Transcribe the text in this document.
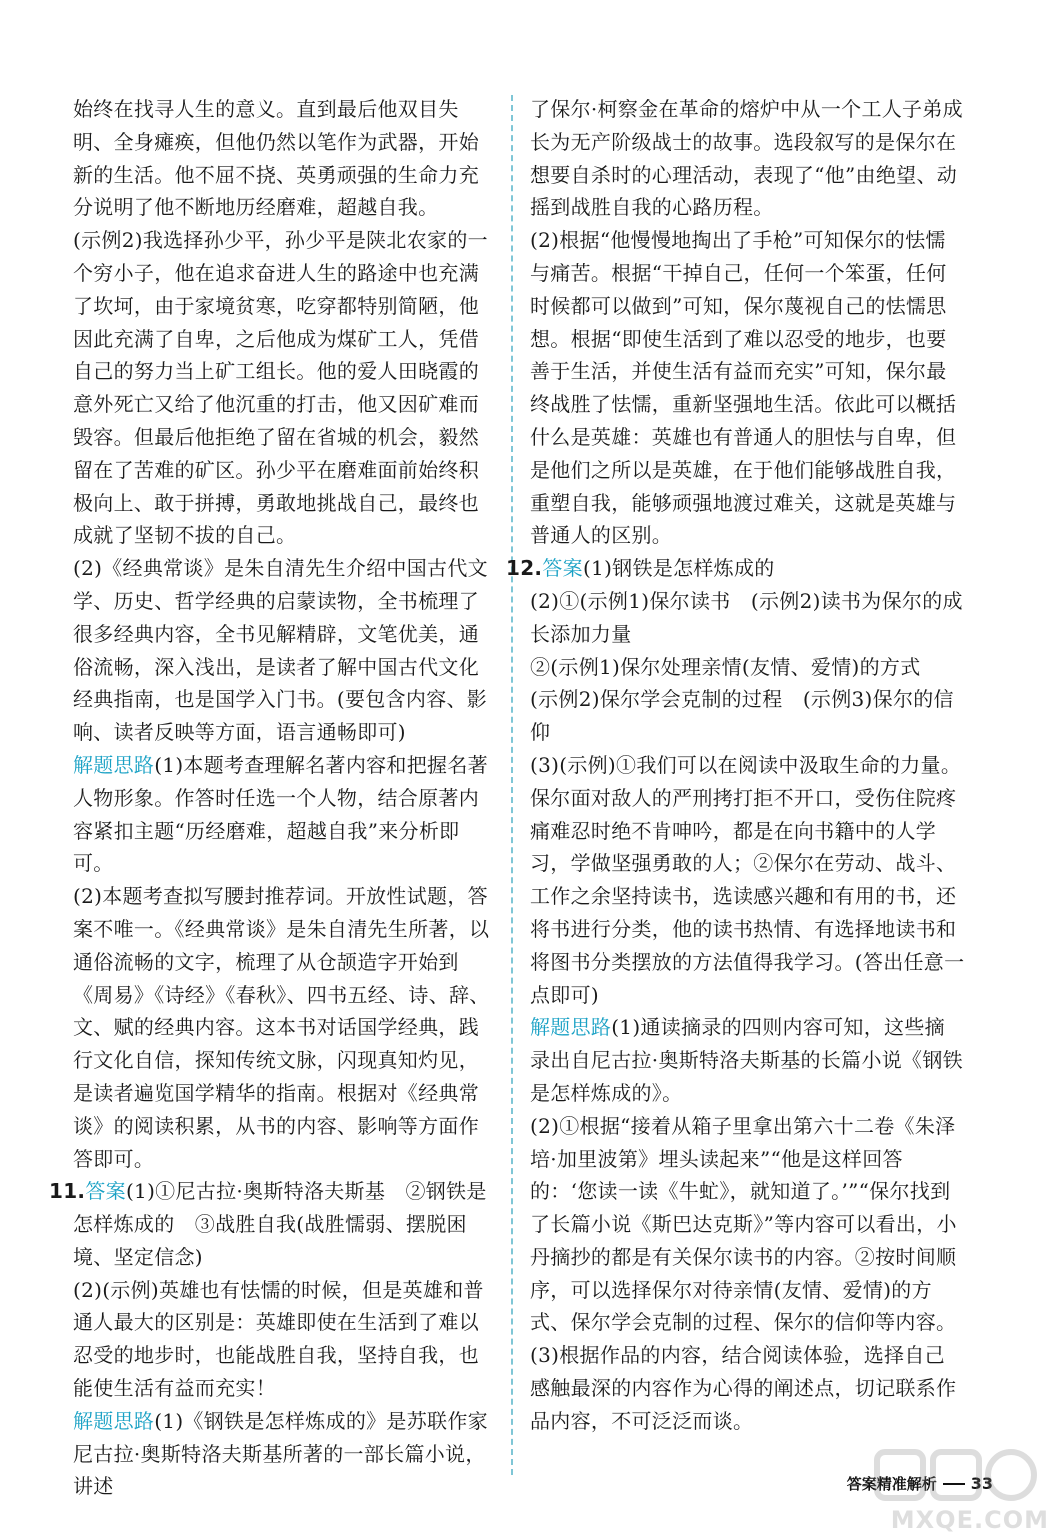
始终在找寻人生的意义。直到最后他双目失明、全身瘫痪，但他仍然以笔作为武器，开始新的生活。他不屈不挠、英勇顽强的生命力充分说明了他不断地历经磨难，超越自我。

(示例2)我选择孙少平，孙少平是陕北农家的一个穷小子，他在追求奋进人生的路途中也充满了坎坷，由于家境贫寒，吃穿都特别简陋，他因此充满了自卑，之后他成为煤矿工人，凭借自己的努力当上矿工组长。他的爱人田晓霞的意外死亡又给了他沉重的打击，他又因矿难而毁容。但最后他拒绝了留在省城的机会，毅然留在了苦难的矿区。孙少平在磨难面前始终积极向上、敢于拼搏，勇敢地挑战自己，最终也成就了坚韧不拔的自己。

(2)《经典常谈》是朱自清先生介绍中国古代文学、历史、哲学经典的启蒙读物，全书梳理了很多经典内容，全书见解精辟，文笔优美，通俗流畅，深入浅出，是读者了解中国古代文化经典指南，也是国学入门书。(要包含内容、影响、读者反映等方面，语言通畅即可)

解题思路(1)本题考查理解名著内容和把握名著人物形象。作答时任选一个人物，结合原著内容紧扣主题“历经磨难，超越自我”来分析即可。

(2)本题考查拟写腰封推荐词。开放性试题，答案不唯一。《经典常谈》是朱自清先生所著，以通俗流畅的文字，梳理了从仓颉造字开始到《周易》《诗经》《春秋》、四书五经、诗、辞、文、赋的经典内容。这本书对话国学经典，践行文化自信，探知传统文脉，闪现真知灼见，是读者遍览国学精华的指南。根据对《经典常谈》的阅读积累，从书的内容、影响等方面作答即可。

11.答案(1)①尼古拉·奥斯特洛夫斯基　②钢铁是怎样炼成的　③战胜自我(战胜懦弱、摆脱困境、坚定信念)

(2)(示例)英雄也有怯懦的时候，但是英雄和普通人最大的区别是：英雄即使在生活到了难以忍受的地步时，也能战胜自我，坚持自我，也能使生活有益而充实！

解题思路(1)《钢铁是怎样炼成的》是苏联作家尼古拉·奥斯特洛夫斯基所著的一部长篇小说，讲述

了保尔·柯察金在革命的熔炉中从一个工人子弟成长为无产阶级战士的故事。选段叙写的是保尔在想要自杀时的心理活动，表现了“他”由绝望、动摇到战胜自我的心路历程。

(2)根据“他慢慢地掏出了手枪”可知保尔的怯懦与痛苦。根据“干掉自己，任何一个笨蛋，任何时候都可以做到”可知，保尔蔑视自己的怯懦思想。根据“即使生活到了难以忍受的地步，也要善于生活，并使生活有益而充实”可知，保尔最终战胜了怯懦，重新坚强地生活。依此可以概括什么是英雄：英雄也有普通人的胆怯与自卑，但是他们之所以是英雄，在于他们能够战胜自我，重塑自我，能够顽强地渡过难关，这就是英雄与普通人的区别。

12.答案(1)钢铁是怎样炼成的

(2)①(示例1)保尔读书　(示例2)读书为保尔的成长添加力量

②(示例1)保尔处理亲情(友情、爱情)的方式　(示例2)保尔学会克制的过程　(示例3)保尔的信仰

(3)(示例)①我们可以在阅读中汲取生命的力量。保尔面对敌人的严刑拷打拒不开口，受伤住院疼痛难忍时绝不肯呻吟，都是在向书籍中的人学习，学做坚强勇敢的人；②保尔在劳动、战斗、工作之余坚持读书，选读感兴趣和有用的书，还将书进行分类，他的读书热情、有选择地读书和将图书分类摆放的方法值得我学习。(答出任意一点即可)

解题思路(1)通读摘录的四则内容可知，这些摘录出自尼古拉·奥斯特洛夫斯基的长篇小说《钢铁是怎样炼成的》。

(2)①根据“接着从箱子里拿出第六十二卷《朱泽培·加里波第》埋头读起来”“他是这样回答的：‘您读一读《牛虻》，就知道了。’”“保尔找到了长篇小说《斯巴达克斯》”等内容可以看出，小丹摘抄的都是有关保尔读书的内容。②按时间顺序，可以选择保尔对待亲情(友情、爱情)的方式、保尔学会克制的过程、保尔的信仰等内容。

(3)根据作品的内容，结合阅读体验，选择自己感触最深的内容作为心得的阐述点，切记联系作品内容，不可泛泛而谈。

答案精准解析 33
MXQE.COM
